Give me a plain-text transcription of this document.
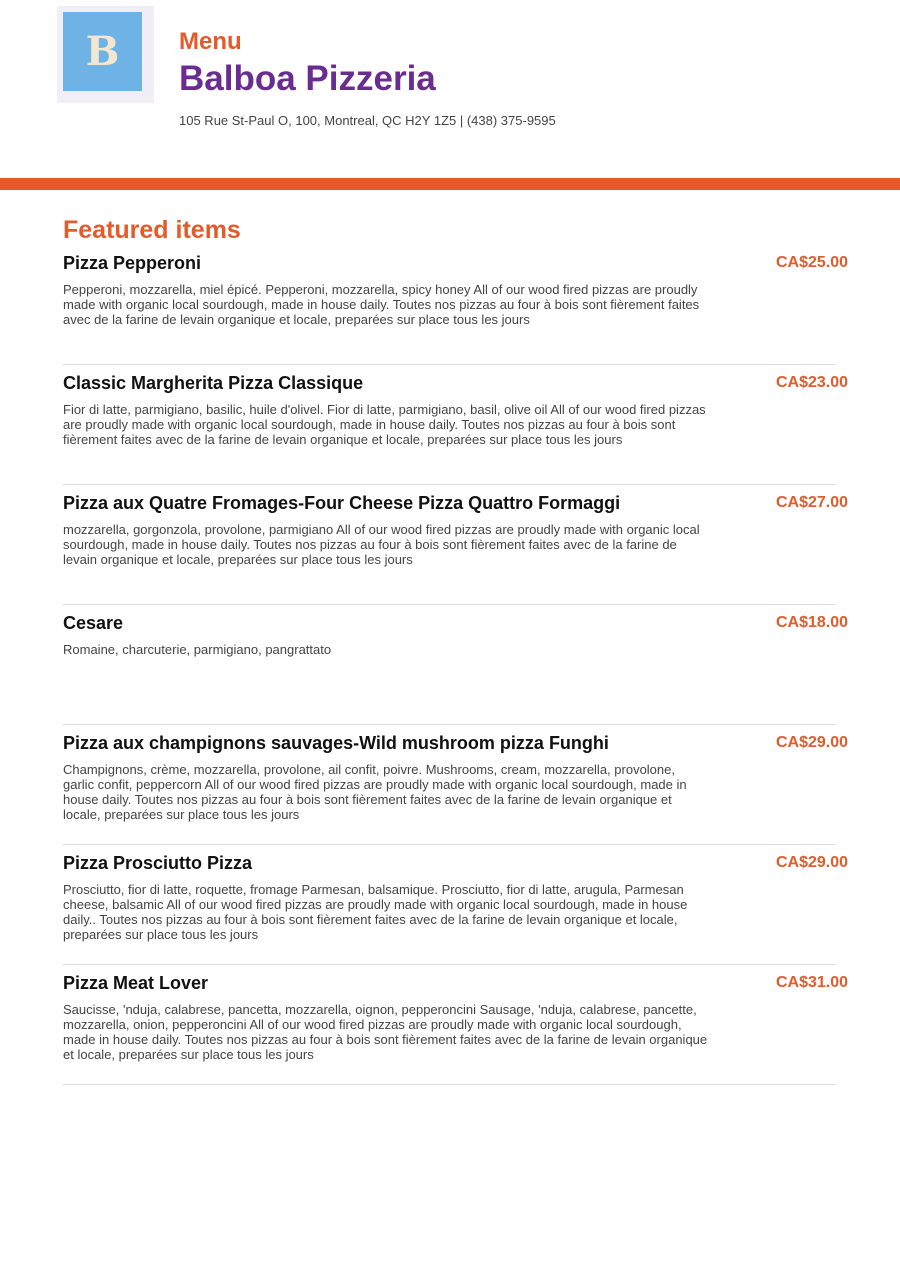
B Menu
Balboa Pizzeria
105 Rue St-Paul O, 100, Montreal, QC H2Y 1Z5 | (438) 375-9595
Featured items
Pizza Pepperoni	CA$25.00

Pepperoni, mozzarella, miel épicé. Pepperoni, mozzarella, spicy honey All of our wood fired pizzas are proudly made with organic local sourdough, made in house daily. Toutes nos pizzas au four à bois sont fièrement faites avec de la farine de levain organique et locale, preparées sur place tous les jours

Classic Margherita Pizza Classique	CA$23.00

Fior di latte, parmigiano, basilic, huile d'olivel. Fior di latte, parmigiano, basil, olive oil All of our wood fired pizzas are proudly made with organic local sourdough, made in house daily. Toutes nos pizzas au four à bois sont fièrement faites avec de la farine de levain organique et locale, preparées sur place tous les jours

Pizza aux Quatre Fromages-Four Cheese Pizza Quattro Formaggi	CA$27.00

mozzarella, gorgonzola, provolone, parmigiano All of our wood fired pizzas are proudly made with organic local sourdough, made in house daily. Toutes nos pizzas au four à bois sont fièrement faites avec de la farine de levain organique et locale, preparées sur place tous les jours

Cesare	CA$18.00

Romaine, charcuterie, parmigiano, pangrattato

Pizza aux champignons sauvages-Wild mushroom pizza Funghi	CA$29.00

Champignons, crème, mozzarella, provolone, ail confit, poivre. Mushrooms, cream, mozzarella, provolone, garlic confit, peppercorn All of our wood fired pizzas are proudly made with organic local sourdough, made in house daily. Toutes nos pizzas au four à bois sont fièrement faites avec de la farine de levain organique et locale, preparées sur place tous les jours

Pizza Prosciutto Pizza	CA$29.00

Prosciutto, fior di latte, roquette, fromage Parmesan, balsamique. Prosciutto, fior di latte, arugula, Parmesan cheese, balsamic All of our wood fired pizzas are proudly made with organic local sourdough, made in house daily.. Toutes nos pizzas au four à bois sont fièrement faites avec de la farine de levain organique et locale, preparées sur place tous les jours

Pizza Meat Lover	CA$31.00

Saucisse, 'nduja, calabrese, pancetta, mozzarella, oignon, pepperoncini Sausage, 'nduja, calabrese, pancette, mozzarella, onion, pepperoncini All of our wood fired pizzas are proudly made with organic local sourdough, made in house daily. Toutes nos pizzas au four à bois sont fièrement faites avec de la farine de levain organique et locale, preparées sur place tous les jours
